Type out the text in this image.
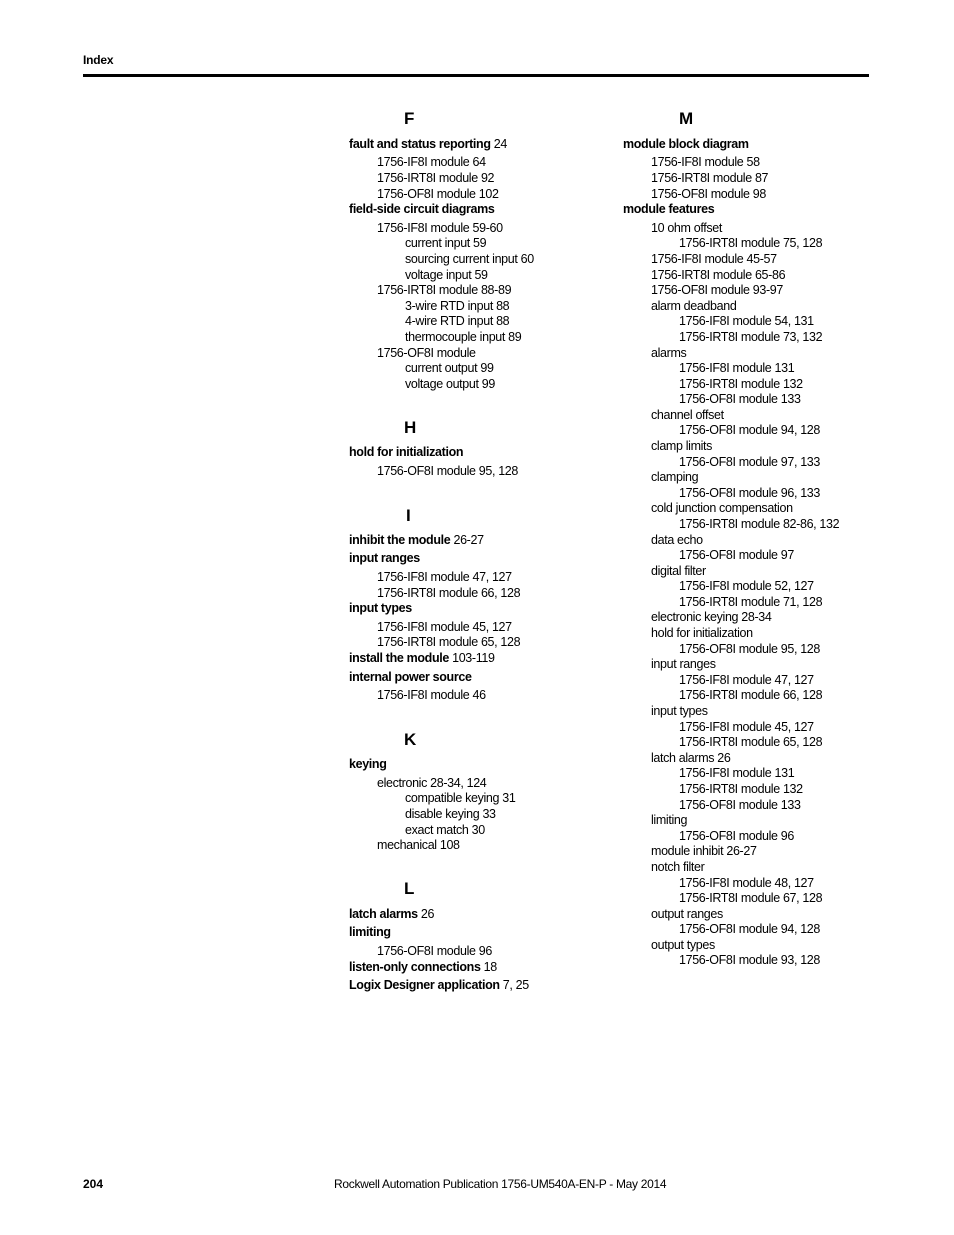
Index
F
fault and status reporting 24
1756-IF8I module 64
1756-IRT8I module 92
1756-OF8I module 102
field-side circuit diagrams
1756-IF8I module 59-60
current input 59
sourcing current input 60
voltage input 59
1756-IRT8I module 88-89
3-wire RTD input 88
4-wire RTD input 88
thermocouple input 89
1756-OF8I module
current output 99
voltage output 99
H
hold for initialization
1756-OF8I module 95, 128
I
inhibit the module 26-27
input ranges
1756-IF8I module 47, 127
1756-IRT8I module 66, 128
input types
1756-IF8I module 45, 127
1756-IRT8I module 65, 128
install the module 103-119
internal power source
1756-IF8I module 46
K
keying
electronic 28-34, 124
compatible keying 31
disable keying 33
exact match 30
mechanical 108
L
latch alarms 26
limiting
1756-OF8I module 96
listen-only connections 18
Logix Designer application 7, 25
M
module block diagram
1756-IF8I module 58
1756-IRT8I module 87
1756-OF8I module 98
module features
10 ohm offset
1756-IRT8I module 75, 128
1756-IF8I module 45-57
1756-IRT8I module 65-86
1756-OF8I module 93-97
alarm deadband
1756-IF8I module 54, 131
1756-IRT8I module 73, 132
alarms
1756-IF8I module 131
1756-IRT8I module 132
1756-OF8I module 133
channel offset
1756-OF8I module 94, 128
clamp limits
1756-OF8I module 97, 133
clamping
1756-OF8I module 96, 133
cold junction compensation
1756-IRT8I module 82-86, 132
data echo
1756-OF8I module 97
digital filter
1756-IF8I module 52, 127
1756-IRT8I module 71, 128
electronic keying 28-34
hold for initialization
1756-OF8I module 95, 128
input ranges
1756-IF8I module 47, 127
1756-IRT8I module 66, 128
input types
1756-IF8I module 45, 127
1756-IRT8I module 65, 128
latch alarms 26
1756-IF8I module 131
1756-IRT8I module 132
1756-OF8I module 133
limiting
1756-OF8I module 96
module inhibit 26-27
notch filter
1756-IF8I module 48, 127
1756-IRT8I module 67, 128
output ranges
1756-OF8I module 94, 128
output types
1756-OF8I module 93, 128
204	Rockwell Automation Publication 1756-UM540A-EN-P - May 2014
